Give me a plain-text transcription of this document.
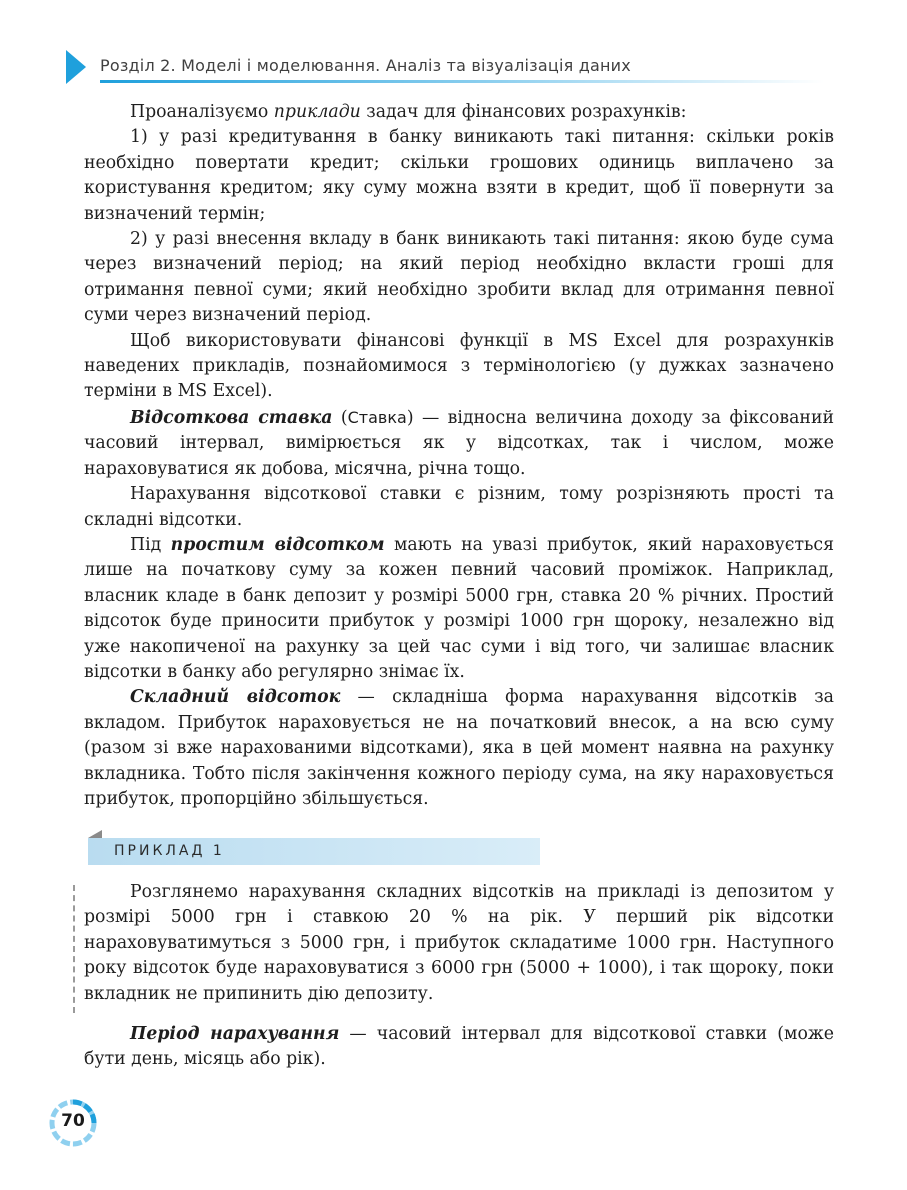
Розділ 2. Моделі і моделювання. Аналіз та візуалізація даних

Проаналізуємо приклади задач для фінансових розрахунків:

1) у разі кредитування в банку виникають такі питання: скільки років необхідно повертати кредит; скільки грошових одиниць виплачено за користування кредитом; яку суму можна взяти в кредит, щоб її повернути за визначений термін;

2) у разі внесення вкладу в банк виникають такі питання: якою буде сума через визначений період; на який період необхідно вкласти гроші для отримання певної суми; який необхідно зробити вклад для отримання певної суми через визначений період.

Щоб використовувати фінансові функції в MS Excel для розрахунків наведених прикладів, познайомимося з термінологією (у дужках зазначено терміни в MS Excel).

Відсоткова ставка (Ставка) — відносна величина доходу за фіксований часовий інтервал, вимірюється як у відсотках, так і числом, може нараховуватися як добова, місячна, річна тощо.

Нарахування відсоткової ставки є різним, тому розрізняють прості та складні відсотки.

Під простим відсотком мають на увазі прибуток, який нараховується лише на початкову суму за кожен певний часовий проміжок. Наприклад, власник кладе в банк депозит у розмірі 5000 грн, ставка 20 % річних. Простий відсоток буде приносити прибуток у розмірі 1000 грн щороку, незалежно від уже накопиченої на рахунку за цей час суми і від того, чи залишає власник відсотки в банку або регулярно знімає їх.

Складний відсоток — складніша форма нарахування відсотків за вкладом. Прибуток нараховується не на початковий внесок, а на всю суму (разом зі вже нарахованими відсотками), яка в цей момент наявна на рахунку вкладника. Тобто після закінчення кожного періоду сума, на яку нараховується прибуток, пропорційно збільшується.

ПРИКЛАД 1

Розглянемо нарахування складних відсотків на прикладі із депозитом у розмірі 5000 грн і ставкою 20 % на рік. У перший рік відсотки нараховуватимуться з 5000 грн, і прибуток складатиме 1000 грн. Наступного року відсоток буде нараховуватися з 6000 грн (5000 + 1000), і так щороку, поки вкладник не припинить дію депозиту.

Період нарахування — часовий інтервал для відсоткової ставки (може бути день, місяць або рік).

70
